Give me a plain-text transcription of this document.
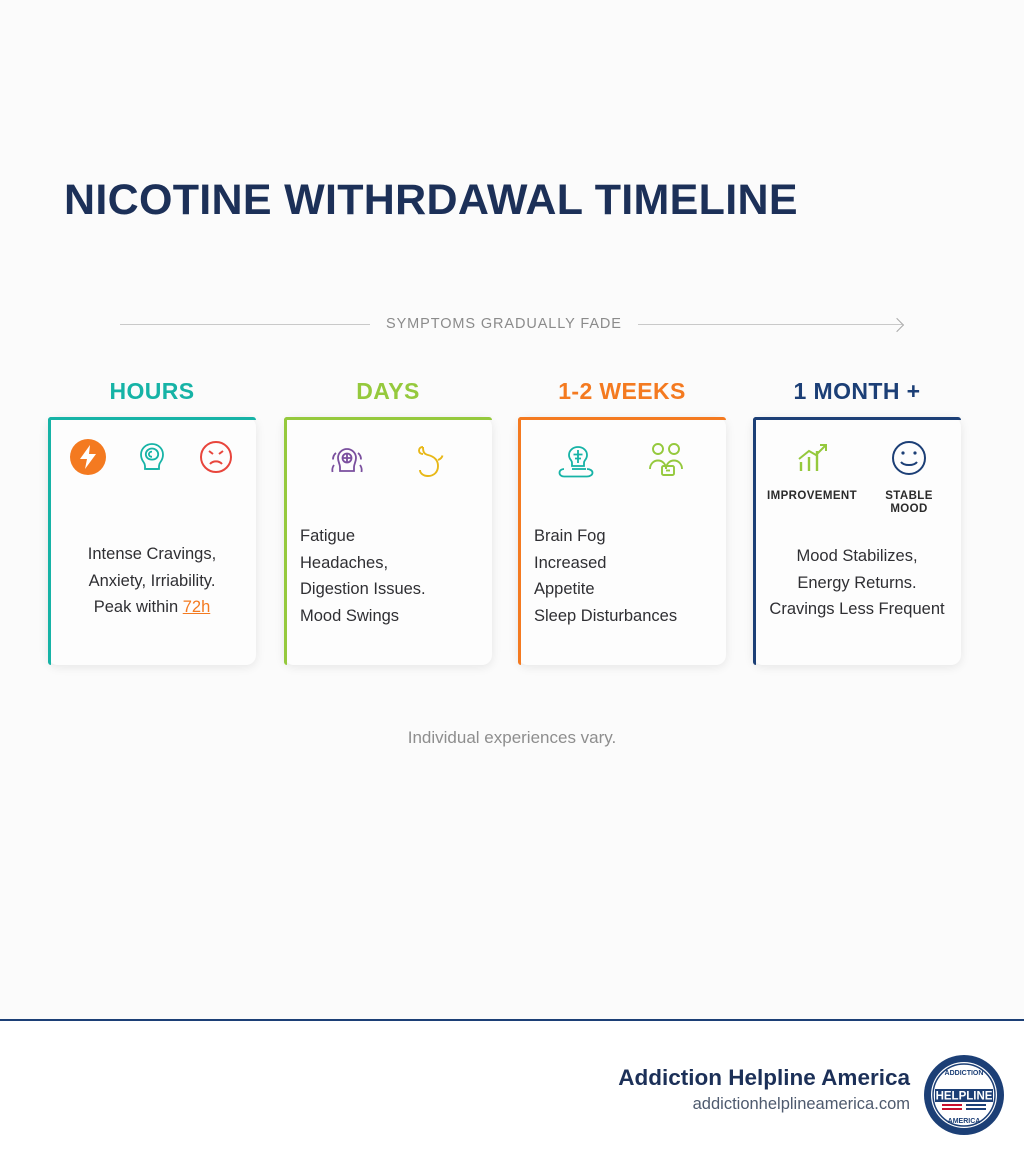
NICOTINE WITHRDAWAL TIMELINE
SYMPTOMS GRADUALLY FADE
HOURS
Intense Cravings,
Anxiety, Irriability.
Peak within 72h
DAYS
Fatigue
Headaches,
Digestion Issues.
Mood Swings
1-2 WEEKS
Brain Fog
Increased
Appetite
Sleep Disturbances
1 MONTH +
IMPROVEMENT	STABLE MOOD
Mood Stabilizes,
Energy Returns.
Cravings Less Frequent
Individual experiences vary.
Addiction Helpline America
addictionhelplineamerica.com HELPLINE
ADDICTION
AMERICA
